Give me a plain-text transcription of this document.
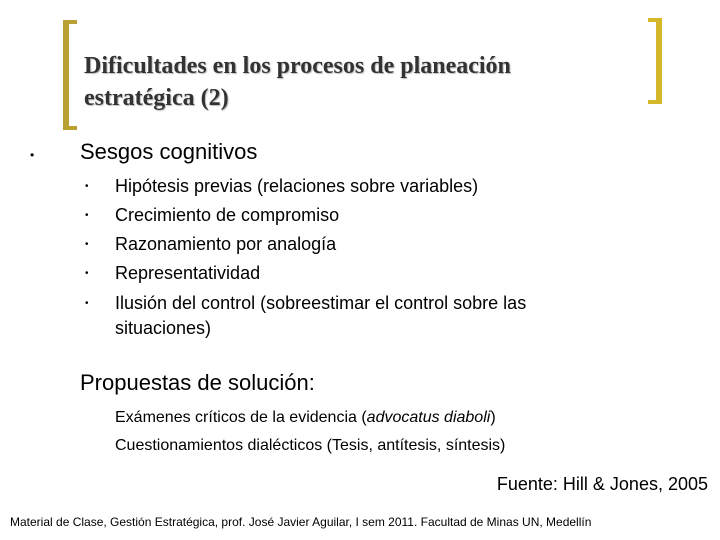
Dificultades en los procesos de planeación
estratégica (2)
• Sesgos cognitivos
• Hipótesis previas (relaciones sobre variables)
• Crecimiento de compromiso
• Razonamiento por analogía
• Representatividad
• Ilusión del control (sobreestimar el control sobre las situaciones)
Propuestas de solución:
Exámenes críticos de la evidencia (advocatus diaboli)
Cuestionamientos dialécticos (Tesis, antítesis, síntesis)
Fuente: Hill & Jones, 2005
Material de Clase, Gestión Estratégica, prof. José Javier Aguilar, I sem 2011. Facultad de Minas UN, Medellín
